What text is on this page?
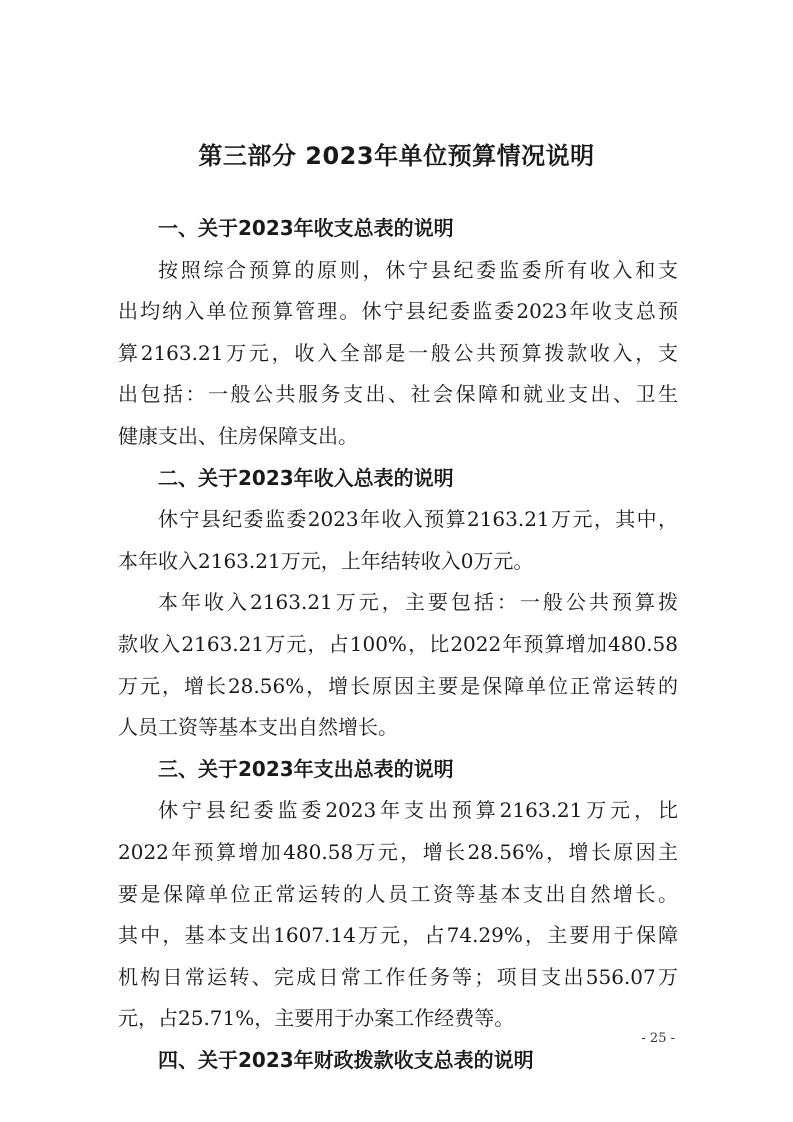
第三部分 2023年单位预算情况说明
一、关于2023年收支总表的说明
按照综合预算的原则，休宁县纪委监委所有收入和支
出均纳入单位预算管理。休宁县纪委监委2023年收支总预
算2163.21万元，收入全部是一般公共预算拨款收入，支
出包括：一般公共服务支出、社会保障和就业支出、卫生
健康支出、住房保障支出。
二、关于2023年收入总表的说明
休宁县纪委监委2023年收入预算2163.21万元，其中，
本年收入2163.21万元，上年结转收入0万元。
本年收入2163.21万元，主要包括：一般公共预算拨
款收入2163.21万元，占100%，比2022年预算增加480.58
万元，增长28.56%，增长原因主要是保障单位正常运转的
人员工资等基本支出自然增长。
三、关于2023年支出总表的说明
休宁县纪委监委2023年支出预算2163.21万元，比
2022年预算增加480.58万元，增长28.56%，增长原因主
要是保障单位正常运转的人员工资等基本支出自然增长。
其中，基本支出1607.14万元，占74.29%，主要用于保障
机构日常运转、完成日常工作任务等；项目支出556.07万
元，占25.71%，主要用于办案工作经费等。
四、关于2023年财政拨款收支总表的说明
- 25 -
